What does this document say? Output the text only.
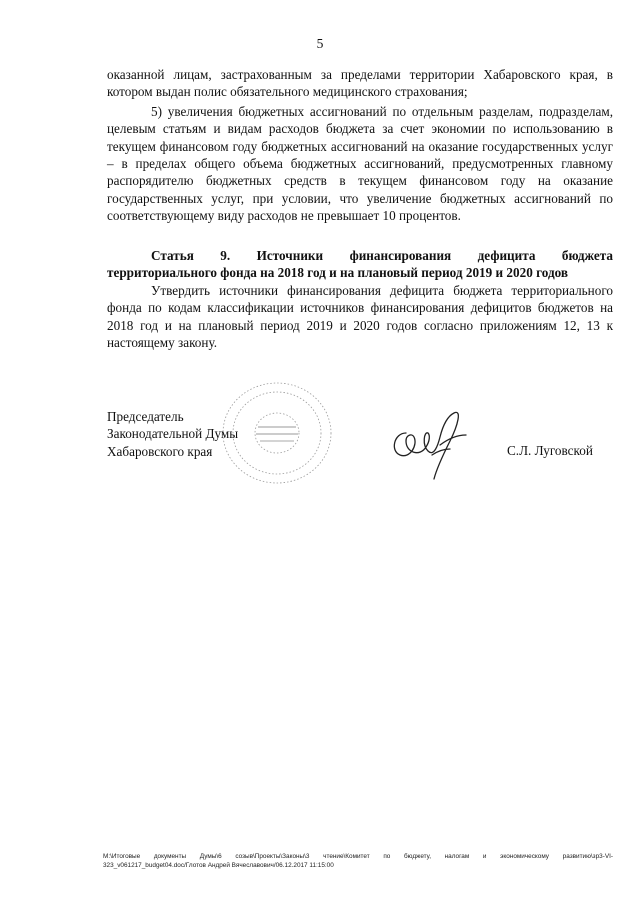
5

оказанной лицам, застрахованным за пределами территории Хабаровского края, в котором выдан полис обязательного медицинского страхования;

5) увеличения бюджетных ассигнований по отдельным разделам, подразделам, целевым статьям и видам расходов бюджета за счет экономии по использованию в текущем финансовом году бюджетных ассигнований на оказание государственных услуг – в пределах общего объема бюджетных ассигнований, предусмотренных главному распорядителю бюджетных средств в текущем финансовом году на оказание государственных услуг, при условии, что увеличение бюджетных ассигнований по соответствующему виду расходов не превышает 10 процентов.

Статья 9. Источники финансирования дефицита бюджета
территориального фонда на 2018 год и на плановый период 2019 и 2020 годов

Утвердить источники финансирования дефицита бюджета территориального фонда по кодам классификации источников финансирования дефицитов бюджетов на 2018 год и на плановый период 2019 и 2020 годов согласно приложениям 12, 13 к настоящему закону.

Председатель
Законодательной Думы
Хабаровского края	С.Л. Луговской
M:\Итоговые документы Думы\6 созыв\Проекты\Законы\3 чтение\Комитет по бюджету, налогам и экономическому развитию\зр3-VI-
323_v061217_budget04.doc/Глотов Андрей Вячеславович/06.12.2017 11:15:00
